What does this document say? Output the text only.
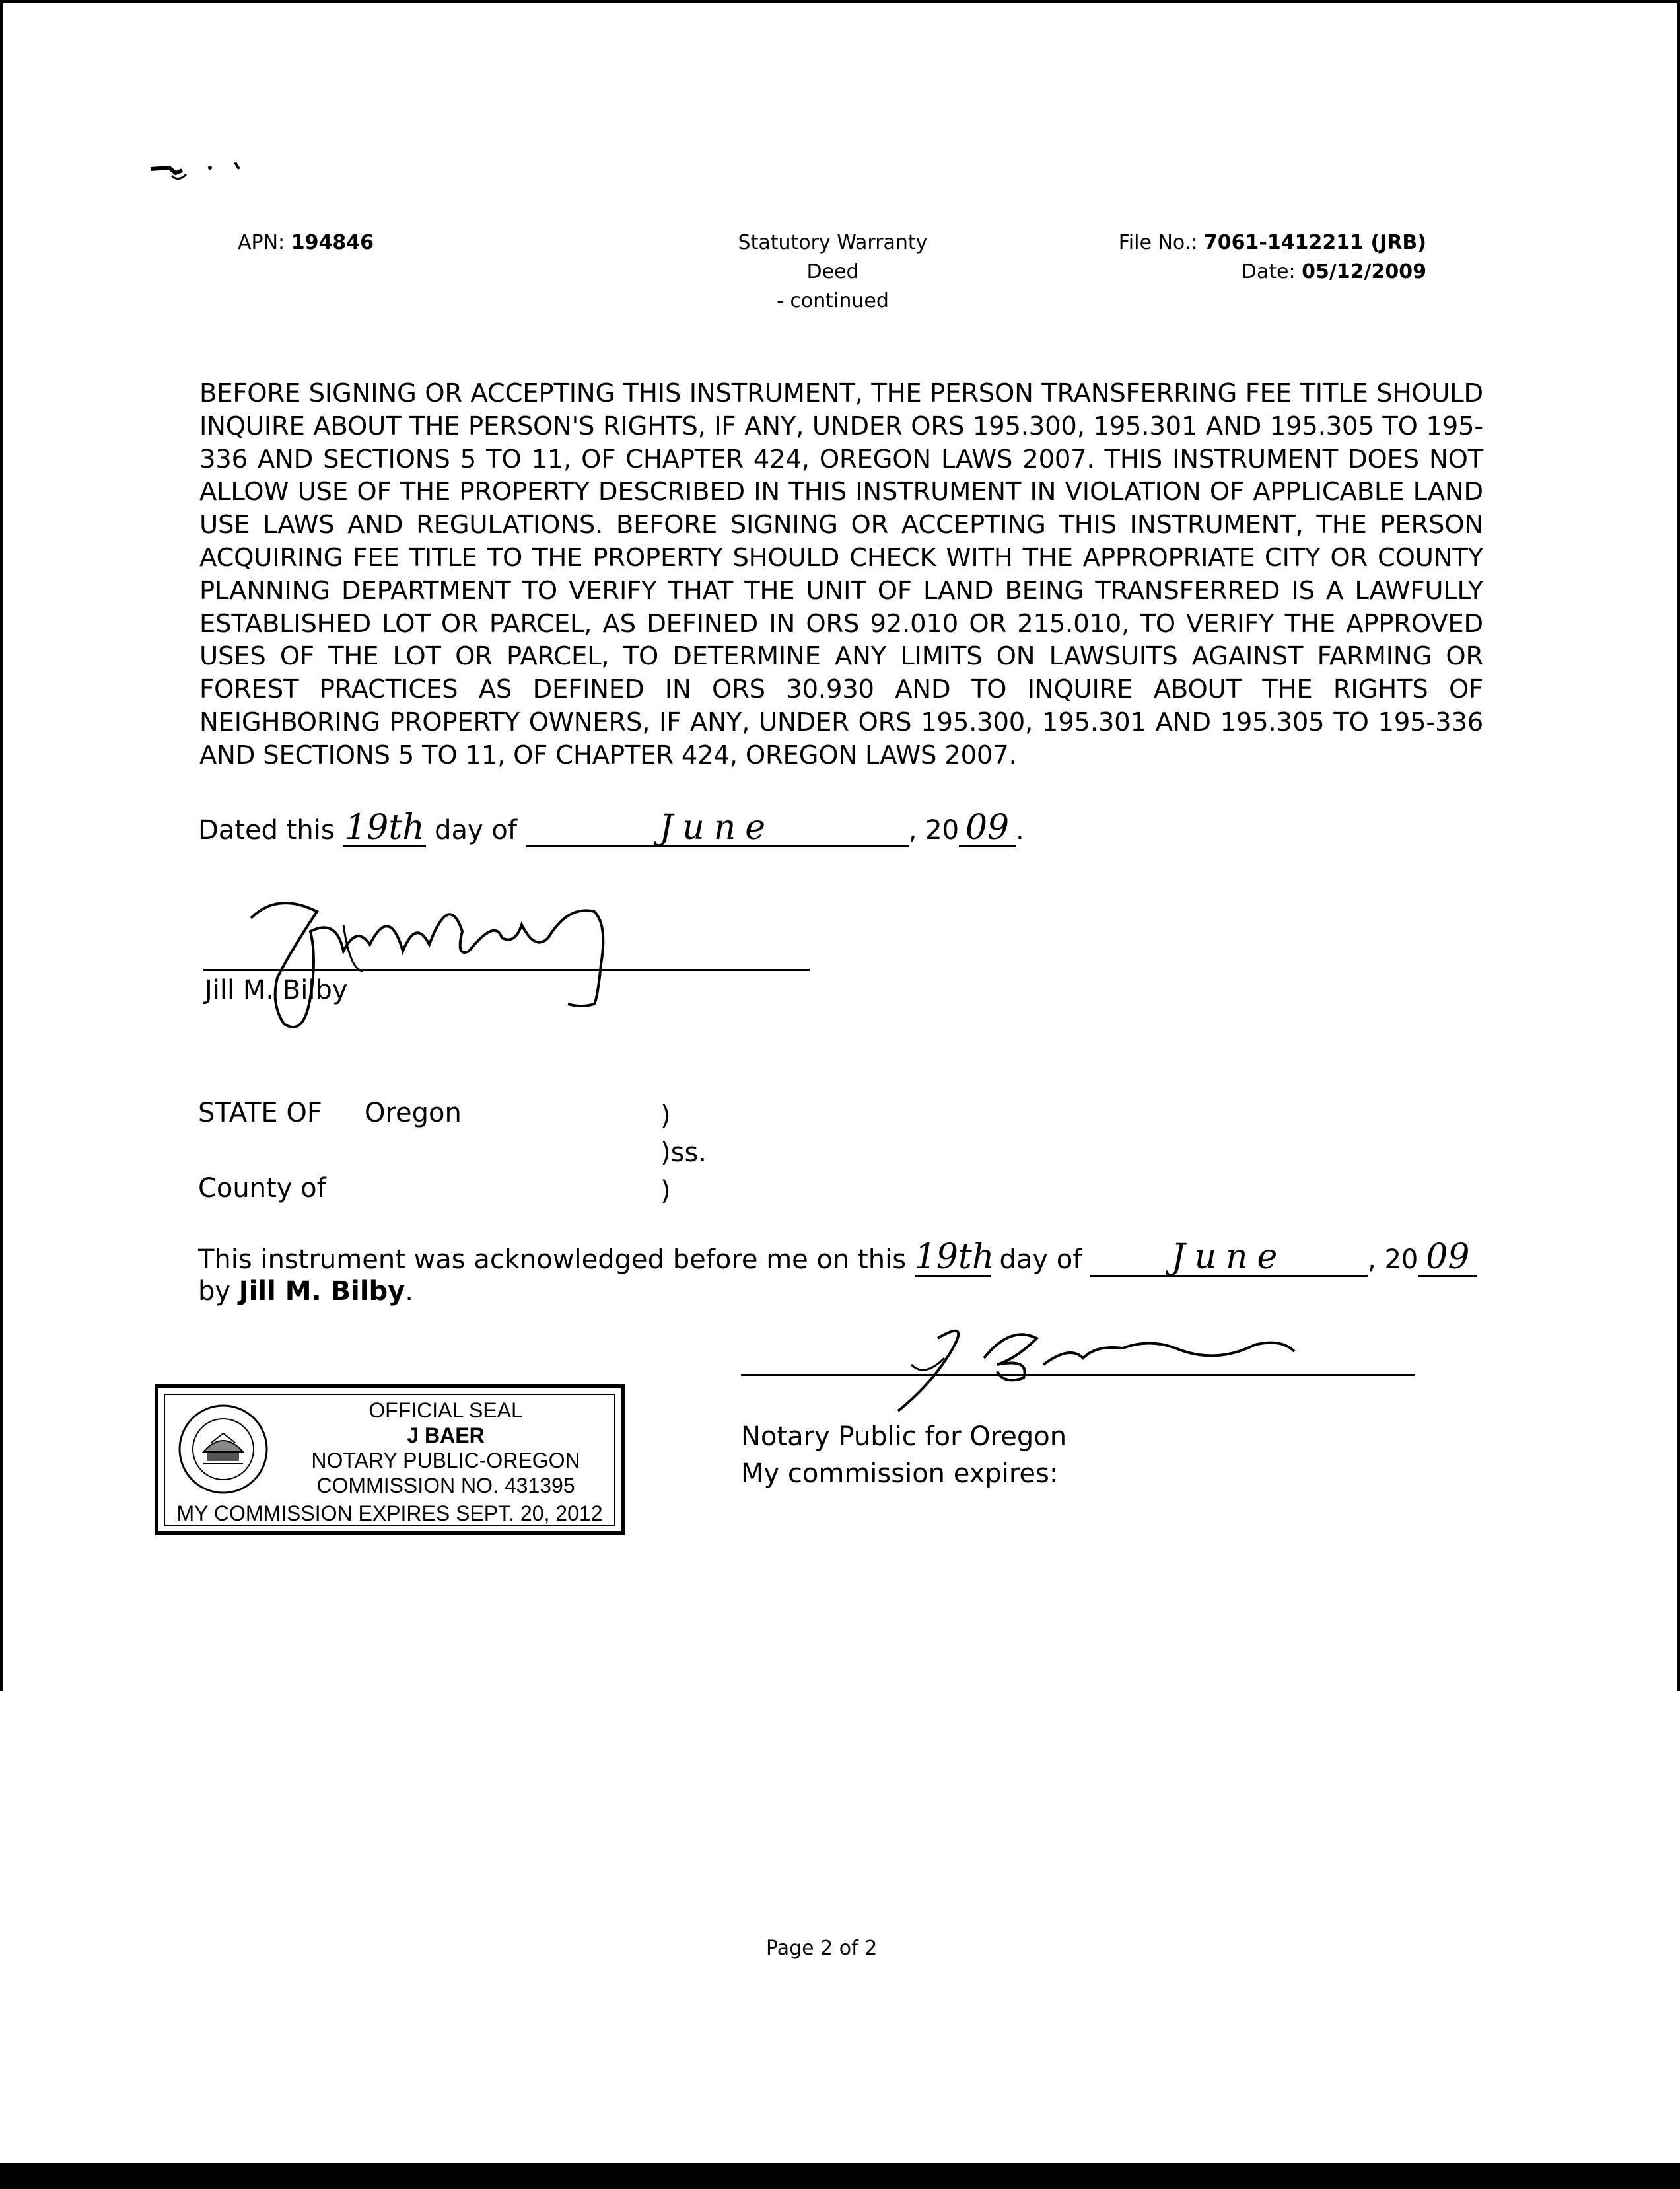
APN: 194846	Statutory Warranty Deed
- continued
File No.: 7061-1412211 (JRB)
Date: 05/12/2009
BEFORE SIGNING OR ACCEPTING THIS INSTRUMENT, THE PERSON TRANSFERRING FEE TITLE SHOULD INQUIRE ABOUT THE PERSON'S RIGHTS, IF ANY, UNDER ORS 195.300, 195.301 AND 195.305 TO 195-336 AND SECTIONS 5 TO 11, OF CHAPTER 424, OREGON LAWS 2007. THIS INSTRUMENT DOES NOT ALLOW USE OF THE PROPERTY DESCRIBED IN THIS INSTRUMENT IN VIOLATION OF APPLICABLE LAND USE LAWS AND REGULATIONS. BEFORE SIGNING OR ACCEPTING THIS INSTRUMENT, THE PERSON ACQUIRING FEE TITLE TO THE PROPERTY SHOULD CHECK WITH THE APPROPRIATE CITY OR COUNTY PLANNING DEPARTMENT TO VERIFY THAT THE UNIT OF LAND BEING TRANSFERRED IS A LAWFULLY ESTABLISHED LOT OR PARCEL, AS DEFINED IN ORS 92.010 OR 215.010, TO VERIFY THE APPROVED USES OF THE LOT OR PARCEL, TO DETERMINE ANY LIMITS ON LAWSUITS AGAINST FARMING OR FOREST PRACTICES AS DEFINED IN ORS 30.930 AND TO INQUIRE ABOUT THE RIGHTS OF NEIGHBORING PROPERTY OWNERS, IF ANY, UNDER ORS 195.300, 195.301 AND 195.305 TO 195-336 AND SECTIONS 5 TO 11, OF CHAPTER 424, OREGON LAWS 2007.
Dated this 19th day of	June	, 20 09 .
Jill M. Bilby
STATE OF Oregon	)
)ss.
County of	)
This instrument was acknowledged before me on this 19th day of	June	, 20 09
by Jill M. Bilby.
Notary Public for Oregon
My commission expires:
OFFICIAL SEAL
J BAER
NOTARY PUBLIC-OREGON
COMMISSION NO. 431395
MY COMMISSION EXPIRES SEPT. 20, 2012
Page 2 of 2
